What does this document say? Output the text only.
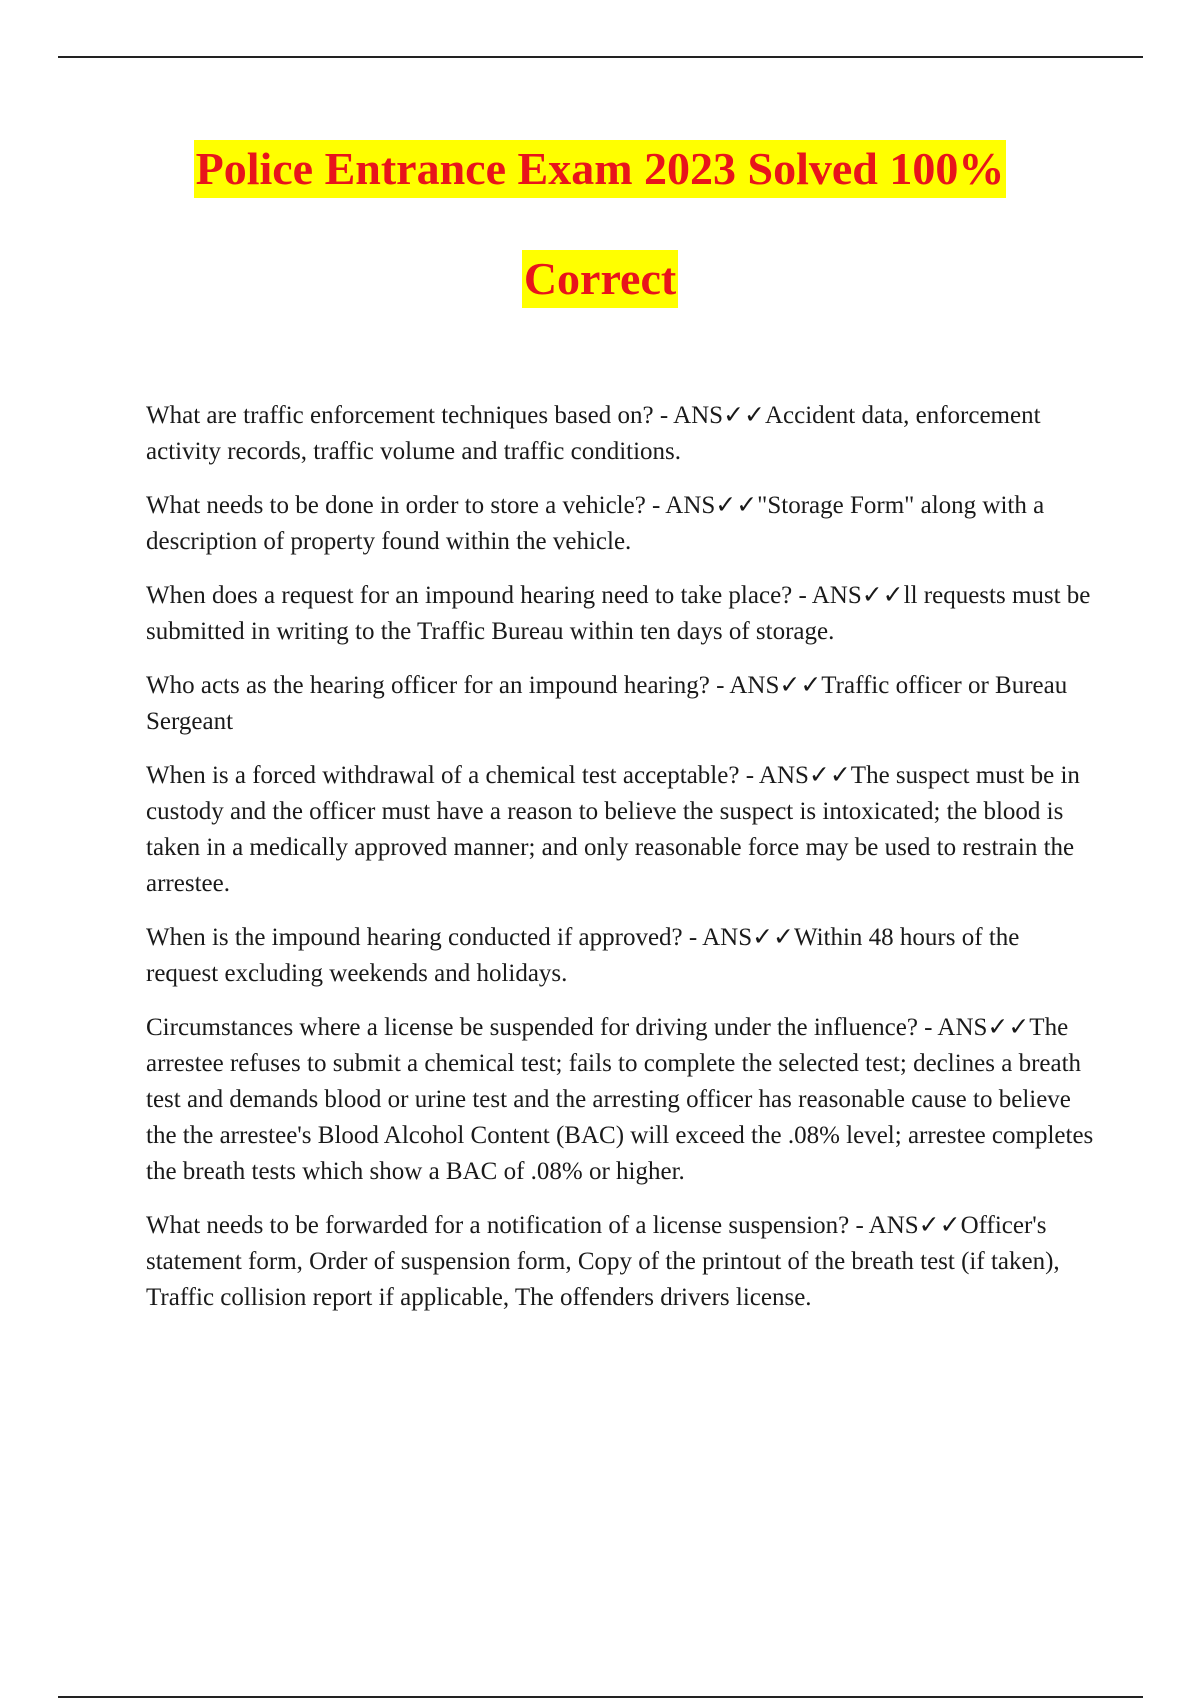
Police Entrance Exam 2023 Solved 100%
Correct

What are traffic enforcement techniques based on? - ANS✓✓Accident data, enforcement activity records, traffic volume and traffic conditions.

What needs to be done in order to store a vehicle? - ANS✓✓"Storage Form" along with a description of property found within the vehicle.

When does a request for an impound hearing need to take place? - ANS✓✓ll requests must be submitted in writing to the Traffic Bureau within ten days of storage.

Who acts as the hearing officer for an impound hearing? - ANS✓✓Traffic officer or Bureau Sergeant

When is a forced withdrawal of a chemical test acceptable? - ANS✓✓The suspect must be in custody and the officer must have a reason to believe the suspect is intoxicated; the blood is taken in a medically approved manner; and only reasonable force may be used to restrain the arrestee.

When is the impound hearing conducted if approved? - ANS✓✓Within 48 hours of the request excluding weekends and holidays.

Circumstances where a license be suspended for driving under the influence? - ANS✓✓The arrestee refuses to submit a chemical test; fails to complete the selected test; declines a breath test and demands blood or urine test and the arresting officer has reasonable cause to believe the the arrestee's Blood Alcohol Content (BAC) will exceed the .08% level; arrestee completes the breath tests which show a BAC of .08% or higher.

What needs to be forwarded for a notification of a license suspension? - ANS✓✓Officer's statement form, Order of suspension form, Copy of the printout of the breath test (if taken), Traffic collision report if applicable, The offenders drivers license.
